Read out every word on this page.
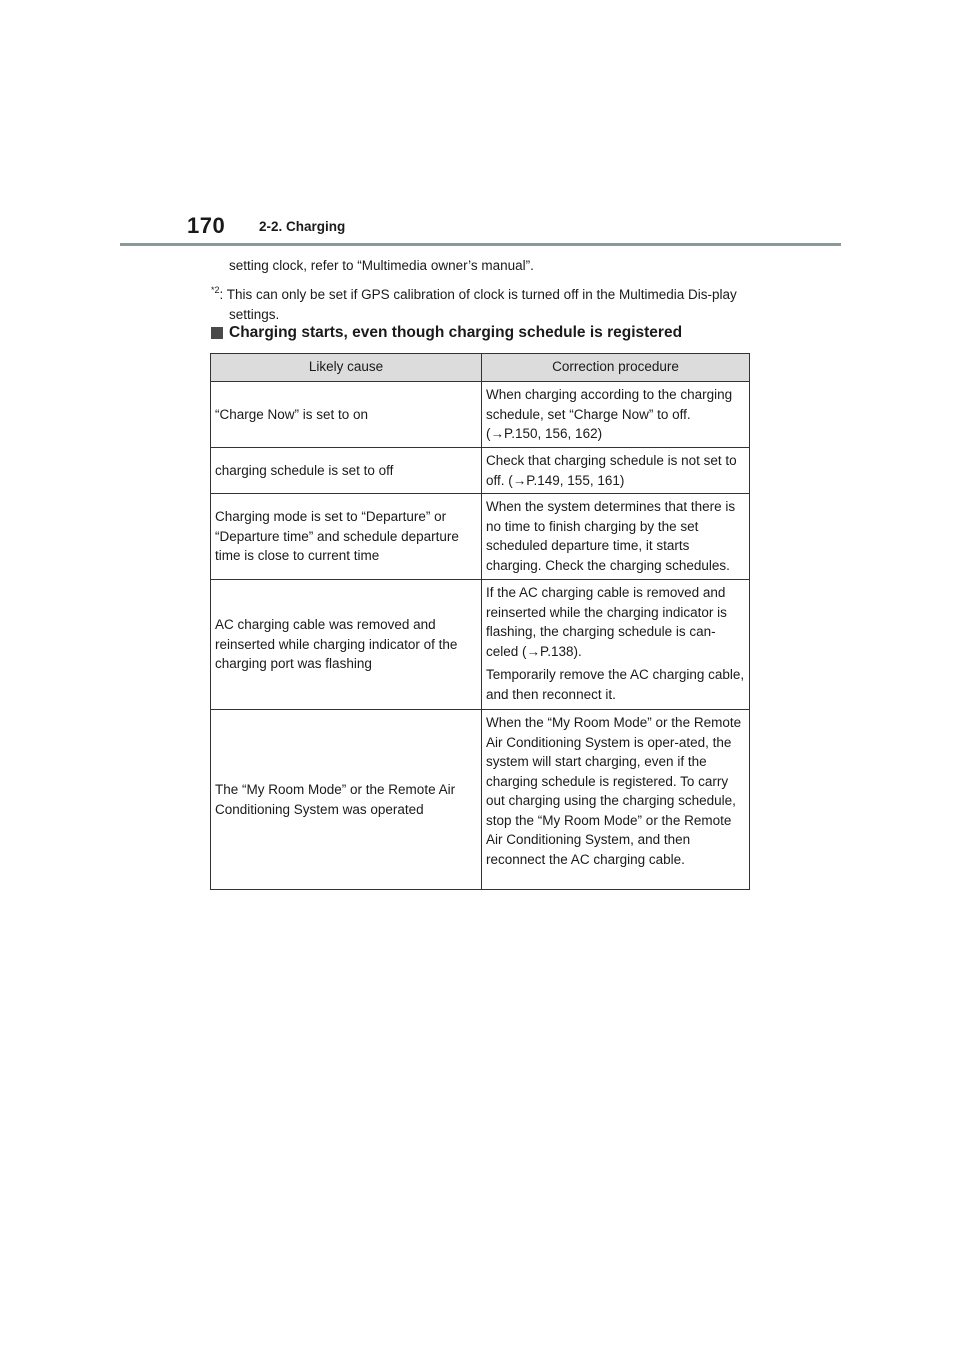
170	2-2. Charging

setting clock, refer to “Multimedia owner’s manual”.

$^{*2}$: This can only be set if GPS calibration of clock is turned off in the Multimedia Dis-play settings.

Charging starts, even though charging schedule is registered
Likely cause	Correction procedure
“Charge Now” is set to on	When charging according to the charging schedule, set “Charge Now” to off. (→P.150, 156, 162)

charging schedule is set to off	Check that charging schedule is not set to off. (→P.149, 155, 161)

Charging mode is set to “Departure” or “Departure time” and schedule departure time is close to current time	When the system determines that there is no time to finish charging by the set scheduled departure time, it starts charging. Check the charging schedules.

AC charging cable was removed and reinserted while charging indicator of the charging port was flashing	If the AC charging cable is removed and reinserted while the charging indicator is flashing, the charging schedule is can-celed (→P.138).

Temporarily remove the AC charging cable, and then reconnect it.

The “My Room Mode” or the Remote Air Conditioning System was operated	When the “My Room Mode” or the Remote Air Conditioning System is oper-ated, the system will start charging, even if the charging schedule is registered. To carry out charging using the charging schedule, stop the “My Room Mode” or the Remote Air Conditioning System, and then reconnect the AC charging cable.
